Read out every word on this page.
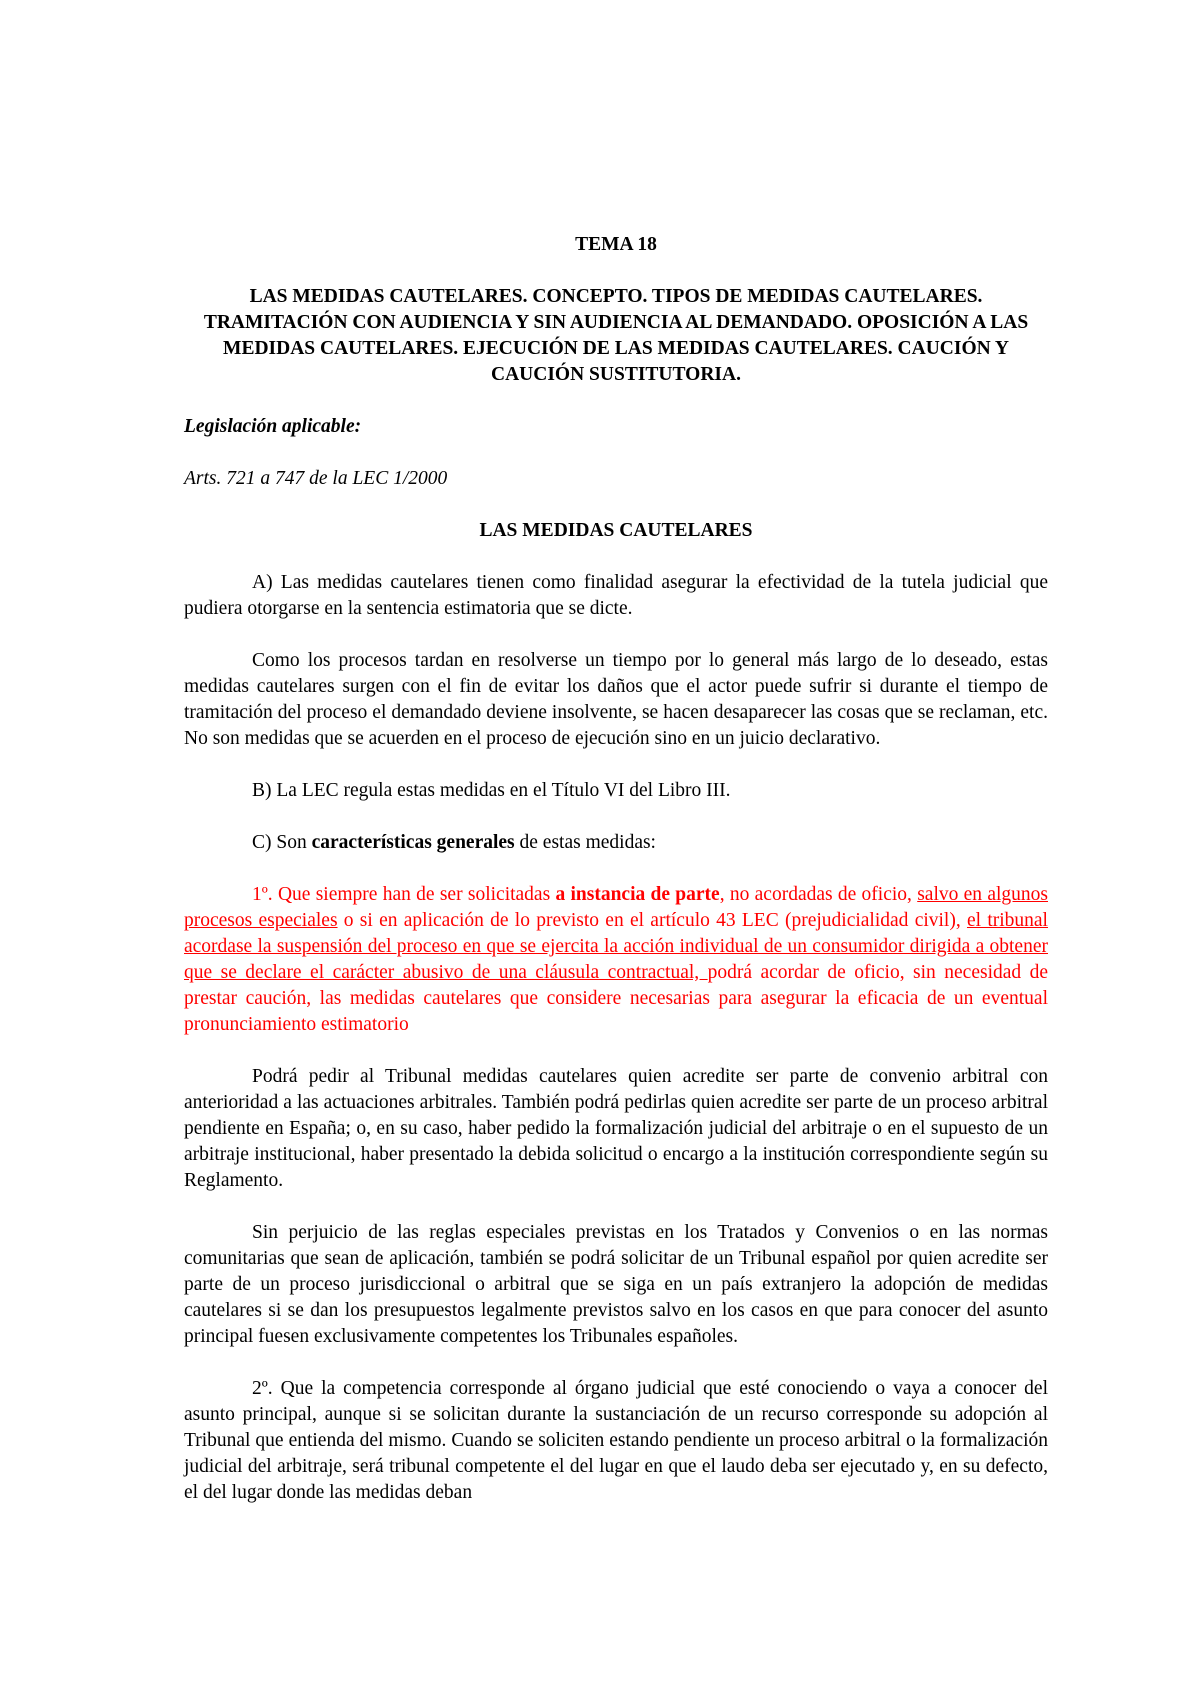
TEMA 18

LAS MEDIDAS CAUTELARES. CONCEPTO. TIPOS DE MEDIDAS CAUTELARES. TRAMITACIÓN CON AUDIENCIA Y SIN AUDIENCIA AL DEMANDADO. OPOSICIÓN A LAS MEDIDAS CAUTELARES. EJECUCIÓN DE LAS MEDIDAS CAUTELARES. CAUCIÓN Y CAUCIÓN SUSTITUTORIA.

Legislación aplicable:

Arts. 721 a 747 de la LEC 1/2000

LAS MEDIDAS CAUTELARES

A) Las medidas cautelares tienen como finalidad asegurar la efectividad de la tutela judicial que pudiera otorgarse en la sentencia estimatoria que se dicte.

Como los procesos tardan en resolverse un tiempo por lo general más largo de lo deseado, estas medidas cautelares surgen con el fin de evitar los daños que el actor puede sufrir si durante el tiempo de tramitación del proceso el demandado deviene insolvente, se hacen desaparecer las cosas que se reclaman, etc. No son medidas que se acuerden en el proceso de ejecución sino en un juicio declarativo.

B) La LEC regula estas medidas en el Título VI del Libro III.

C) Son características generales de estas medidas:

1º. Que siempre han de ser solicitadas a instancia de parte, no acordadas de oficio, salvo en algunos procesos especiales o si en aplicación de lo previsto en el artículo 43 LEC (prejudicialidad civil), el tribunal acordase la suspensión del proceso en que se ejercita la acción individual de un consumidor dirigida a obtener que se declare el carácter abusivo de una cláusula contractual, podrá acordar de oficio, sin necesidad de prestar caución, las medidas cautelares que considere necesarias para asegurar la eficacia de un eventual pronunciamiento estimatorio

Podrá pedir al Tribunal medidas cautelares quien acredite ser parte de convenio arbitral con anterioridad a las actuaciones arbitrales. También podrá pedirlas quien acredite ser parte de un proceso arbitral pendiente en España; o, en su caso, haber pedido la formalización judicial del arbitraje o en el supuesto de un arbitraje institucional, haber presentado la debida solicitud o encargo a la institución correspondiente según su Reglamento.

Sin perjuicio de las reglas especiales previstas en los Tratados y Convenios o en las normas comunitarias que sean de aplicación, también se podrá solicitar de un Tribunal español por quien acredite ser parte de un proceso jurisdiccional o arbitral que se siga en un país extranjero la adopción de medidas cautelares si se dan los presupuestos legalmente previstos salvo en los casos en que para conocer del asunto principal fuesen exclusivamente competentes los Tribunales españoles.

2º. Que la competencia corresponde al órgano judicial que esté conociendo o vaya a conocer del asunto principal, aunque si se solicitan durante la sustanciación de un recurso corresponde su adopción al Tribunal que entienda del mismo. Cuando se soliciten estando pendiente un proceso arbitral o la formalización judicial del arbitraje, será tribunal competente el del lugar en que el laudo deba ser ejecutado y, en su defecto, el del lugar donde las medidas deban
